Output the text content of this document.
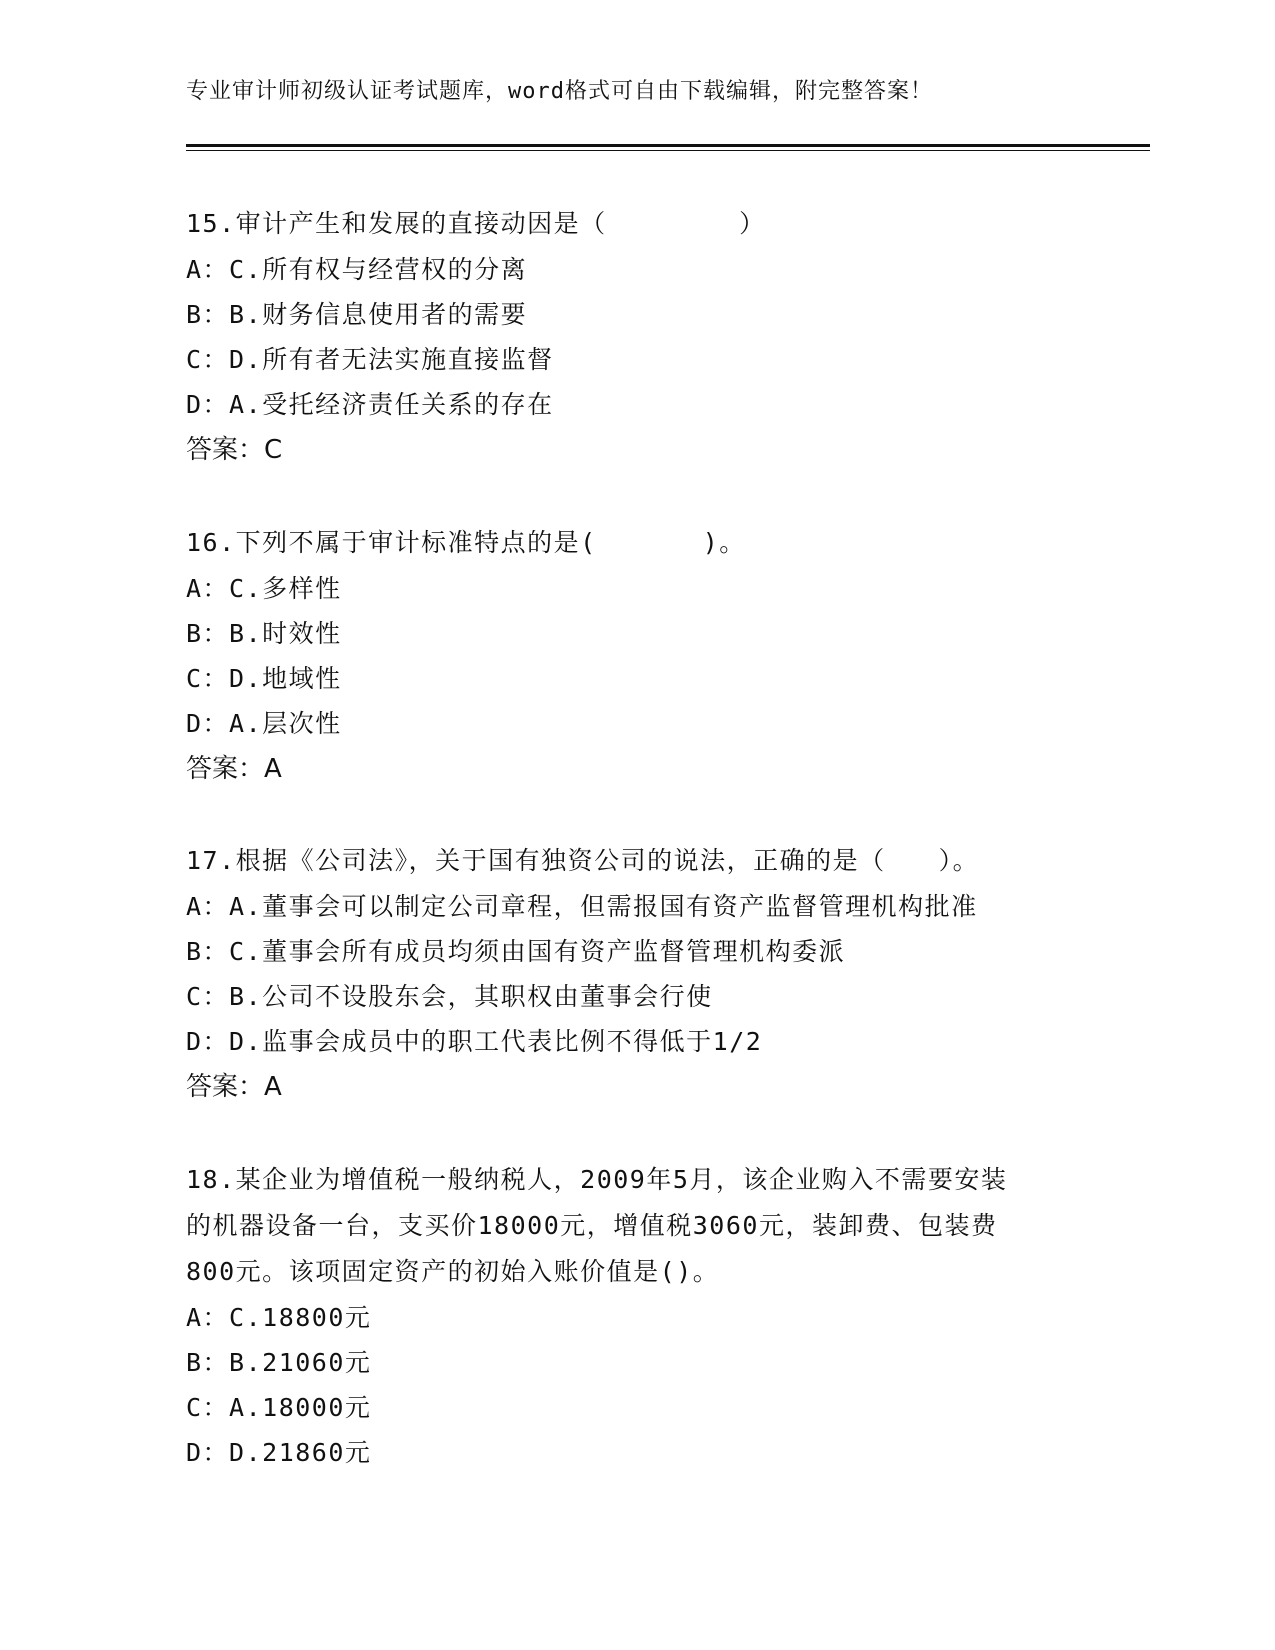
专业审计师初级认证考试题库，word格式可自由下载编辑，附完整答案！
15.审计产生和发展的直接动因是（　　　　　）
A：C.所有权与经营权的分离
B：B.财务信息使用者的需要
C：D.所有者无法实施直接监督
D：A.受托经济责任关系的存在
答案：C
16.下列不属于审计标准特点的是(　　　　)。
A：C.多样性
B：B.时效性
C：D.地域性
D：A.层次性
答案：A
17.根据《公司法》，关于国有独资公司的说法，正确的是（　　）。
A：A.董事会可以制定公司章程，但需报国有资产监督管理机构批准
B：C.董事会所有成员均须由国有资产监督管理机构委派
C：B.公司不设股东会，其职权由董事会行使
D：D.监事会成员中的职工代表比例不得低于1/2
答案：A
18.某企业为增值税一般纳税人，2009年5月，该企业购入不需要安装
的机器设备一台，支买价18000元，增值税3060元，装卸费、包装费
800元。该项固定资产的初始入账价值是()。
A：C.18800元
B：B.21060元
C：A.18000元
D：D.21860元
